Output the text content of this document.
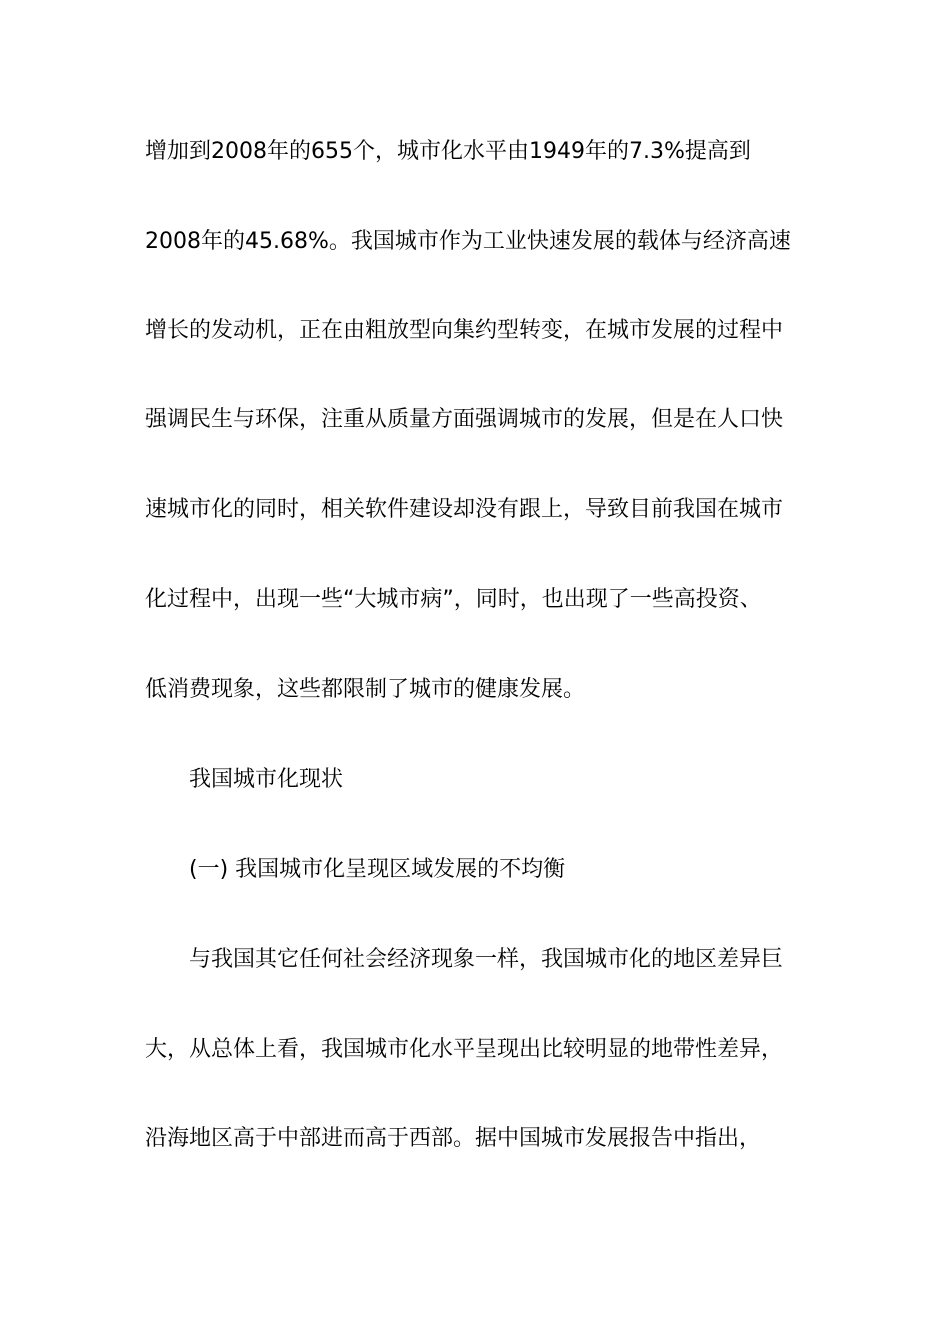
增加到2008年的655个，城市化水平由1949年的7.3%提高到
2008年的45.68%。我国城市作为工业快速发展的载体与经济高速
增长的发动机，正在由粗放型向集约型转变，在城市发展的过程中
强调民生与环保，注重从质量方面强调城市的发展，但是在人口快
速城市化的同时，相关软件建设却没有跟上，导致目前我国在城市
化过程中，出现一些“大城市病”，同时，也出现了一些高投资、
低消费现象，这些都限制了城市的健康发展。
我国城市化现状
(一) 我国城市化呈现区域发展的不均衡
与我国其它任何社会经济现象一样，我国城市化的地区差异巨
大，从总体上看，我国城市化水平呈现出比较明显的地带性差异，
沿海地区高于中部进而高于西部。据中国城市发展报告中指出，
